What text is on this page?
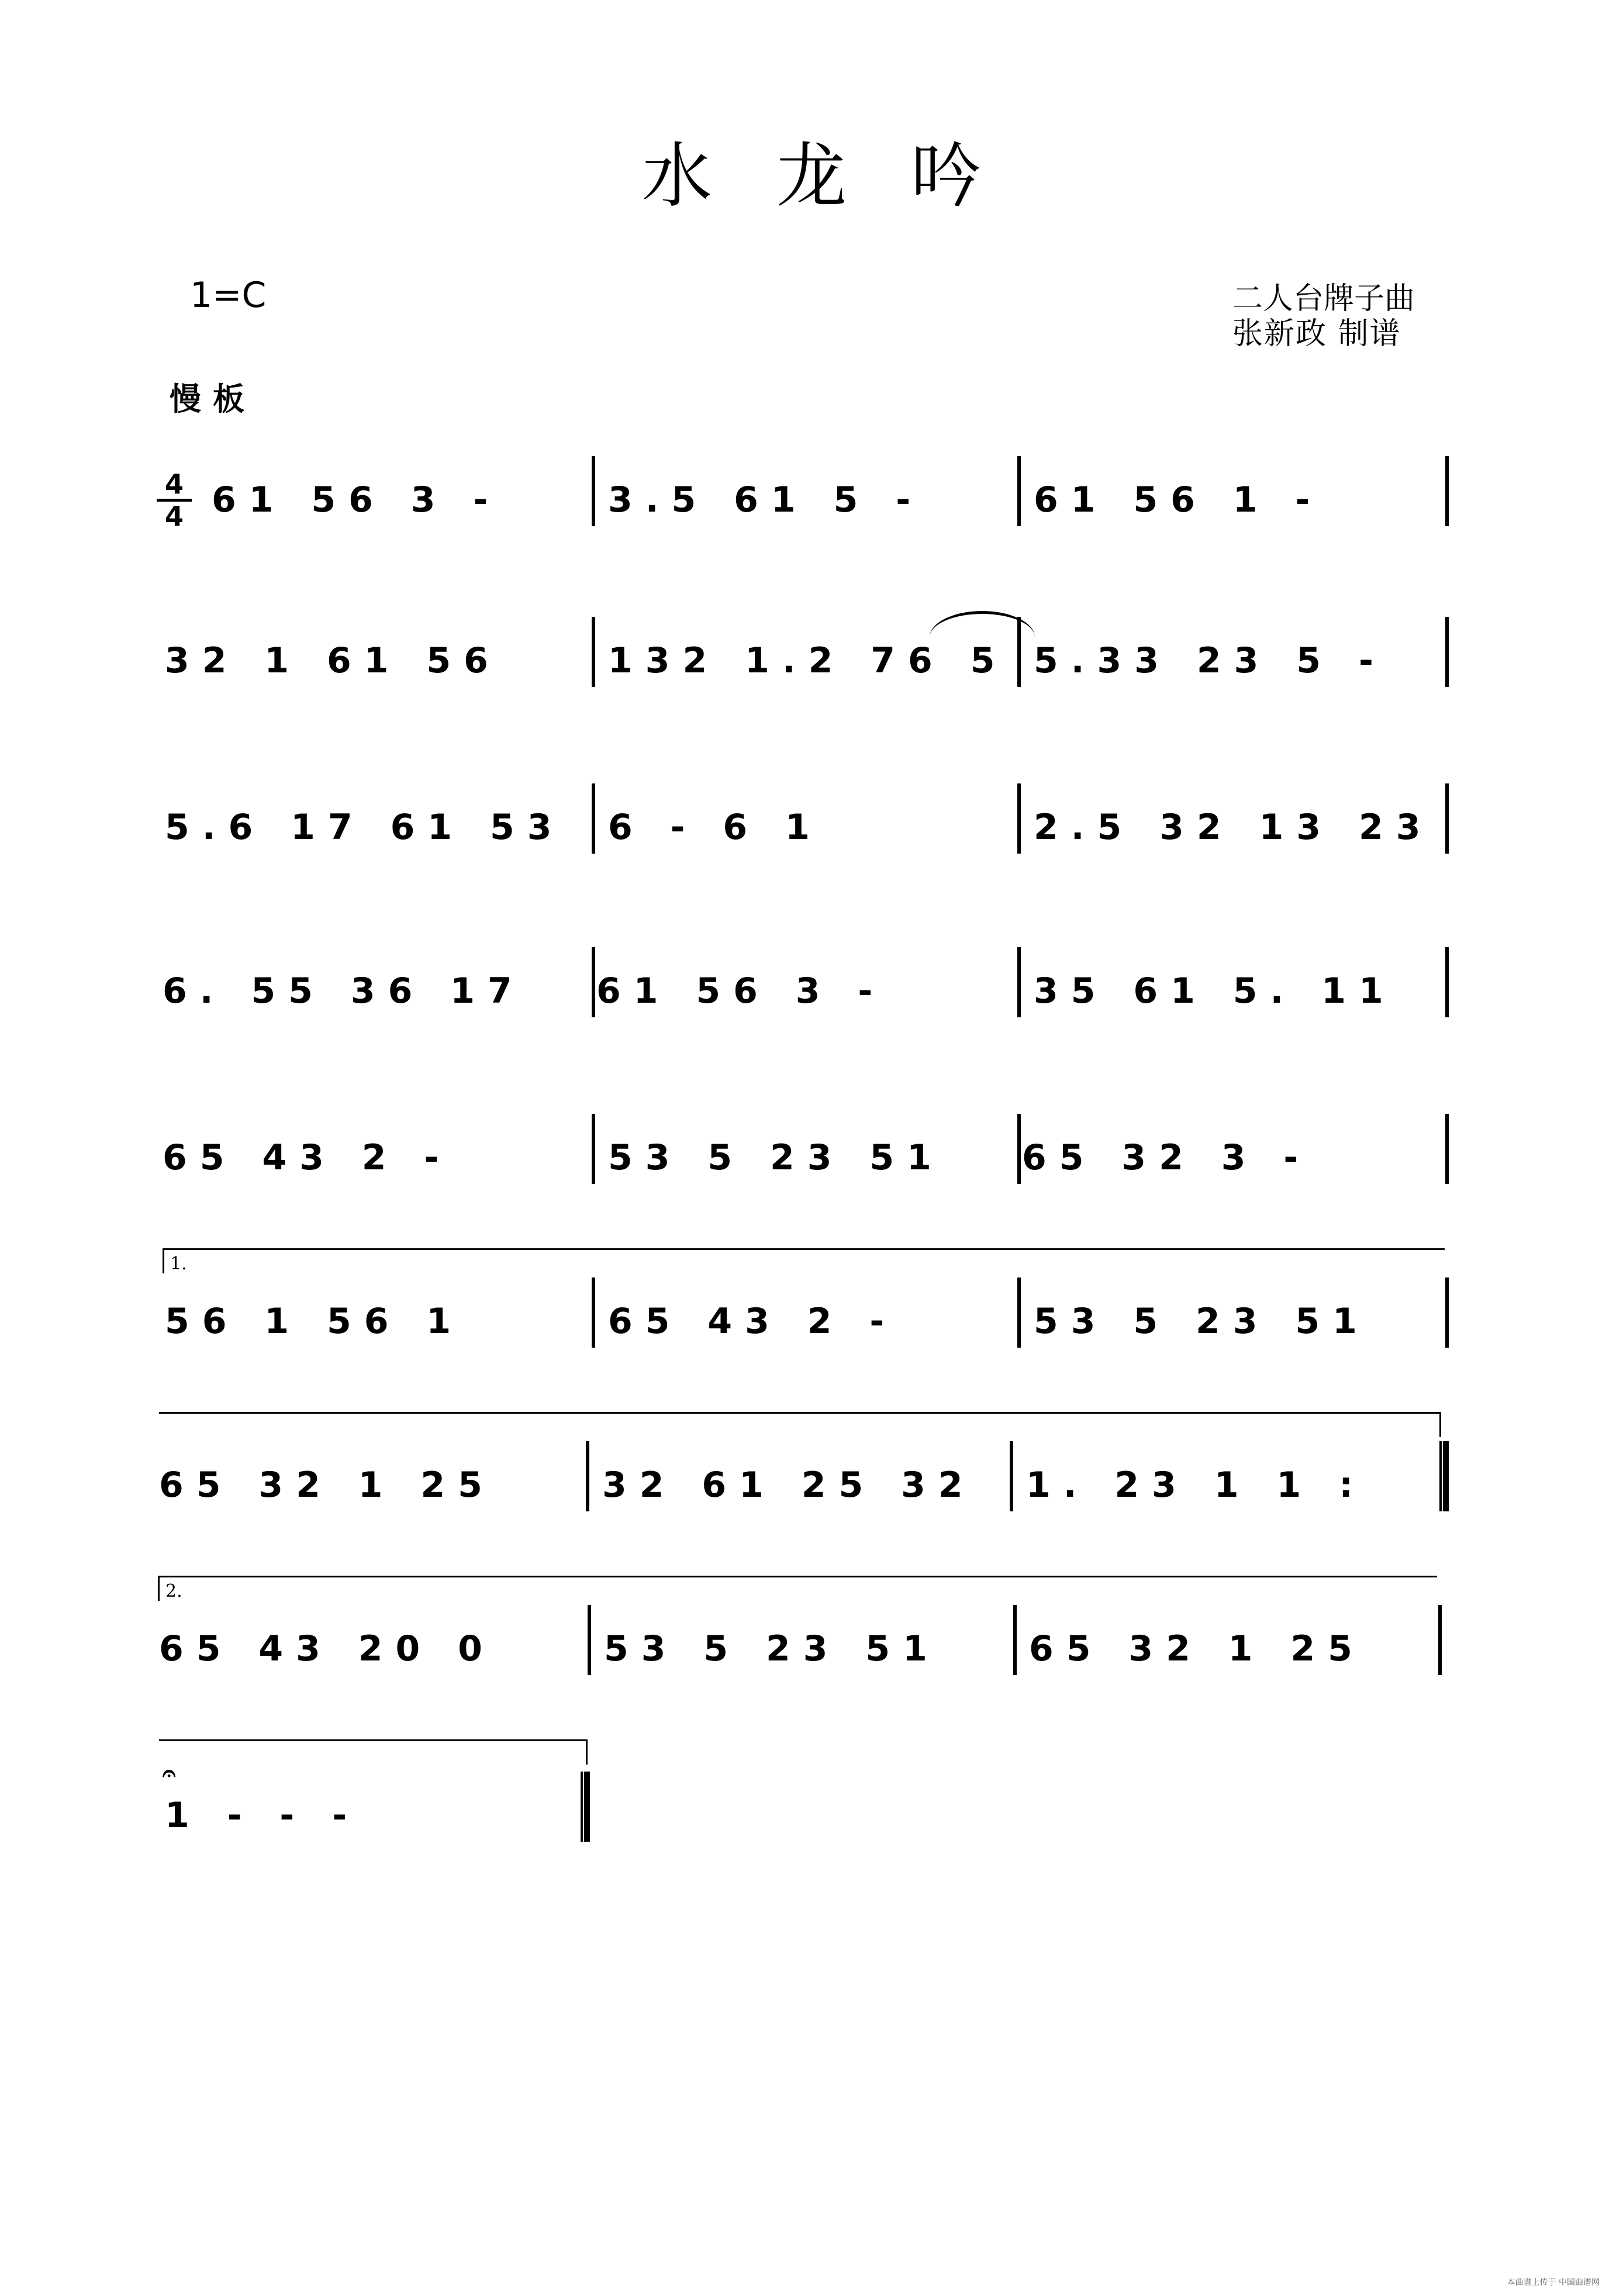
水龙吟
1=C	二人台牌子曲
张新政 制谱
慢板
$\frac{4}{4} 61$ 56 3 -	3.5 61 5 -	61 56 1 -
32 1 61 56	132 1.2 76 5 5.33 23 5 -
5.6 17 61 53 6 - 6 1	2.5 32 13 23
6. 55 36 17 61 56 3 -	35 61 5. 11
65 43 2 -	53 5 23 51 65 32 3 -
1.
56 1 56 1	65 43 2 -	53 5 23 51
65 32 1 25	32 61 25 32 1. 23 1 1 :
2.
65 43 20 0	53 5 23 51	65 32 1 25
𝄐
1 - - -
本曲谱上传于 中国曲谱网
